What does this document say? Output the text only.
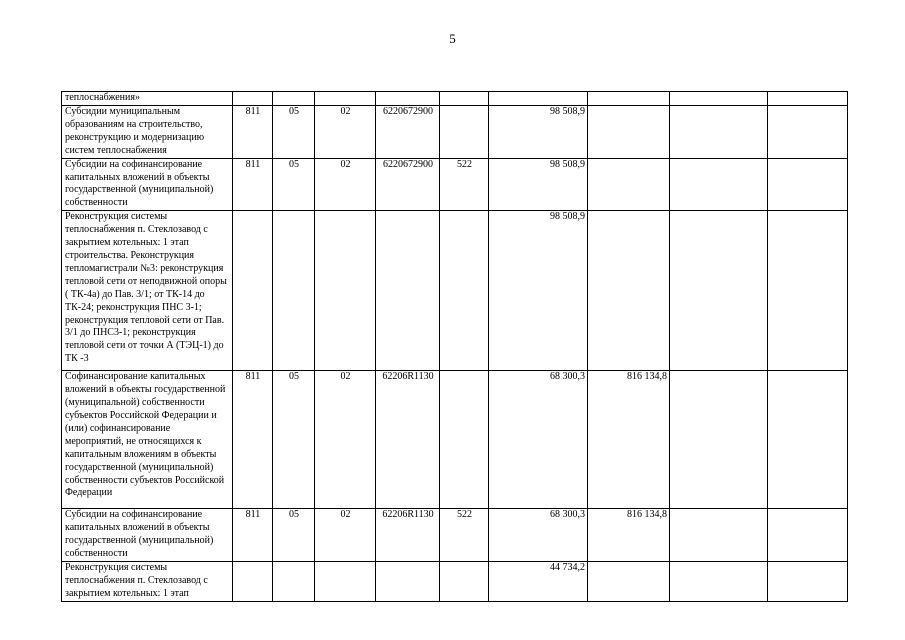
5
теплоснабжения»									
Субсидии муниципальным образованиям на строительство, реконструкцию и модернизацию систем теплоснабжения	811	05	02	6220672900		98 508,9			
Субсидии на софинансирование капитальных вложений в объекты государственной (муниципальной) собственности	811	05	02	6220672900	522	98 508,9			
Реконструкция системы теплоснабжения п. Стеклозавод с закрытием котельных: 1 этап строительства. Реконструкция тепломагистрали №3: реконструкция тепловой сети от неподвижной опоры ( ТК-4а) до Пав. 3/1; от ТК-14 до ТК-24; реконструкция ПНС 3-1; реконструкция тепловой сети от Пав. 3/1 до ПНС3-1; реконструкция тепловой сети от точки А (ТЭЦ-1) до ТК -3						98 508,9			
Софинансирование капитальных вложений в объекты государственной (муниципальной) собственности субъектов Российской Федерации и (или) софинансирование мероприятий, не относящихся к капитальным вложениям в объекты государственной (муниципальной) собственности субъектов Российской Федерации	811	05	02	62206R1130		68 300,3	816 134,8		
Субсидии на софинансирование капитальных вложений в объекты государственной (муниципальной) собственности	811	05	02	62206R1130	522	68 300,3	816 134,8		
Реконструкция системы теплоснабжения п. Стеклозавод с закрытием котельных: 1 этап						44 734,2			
